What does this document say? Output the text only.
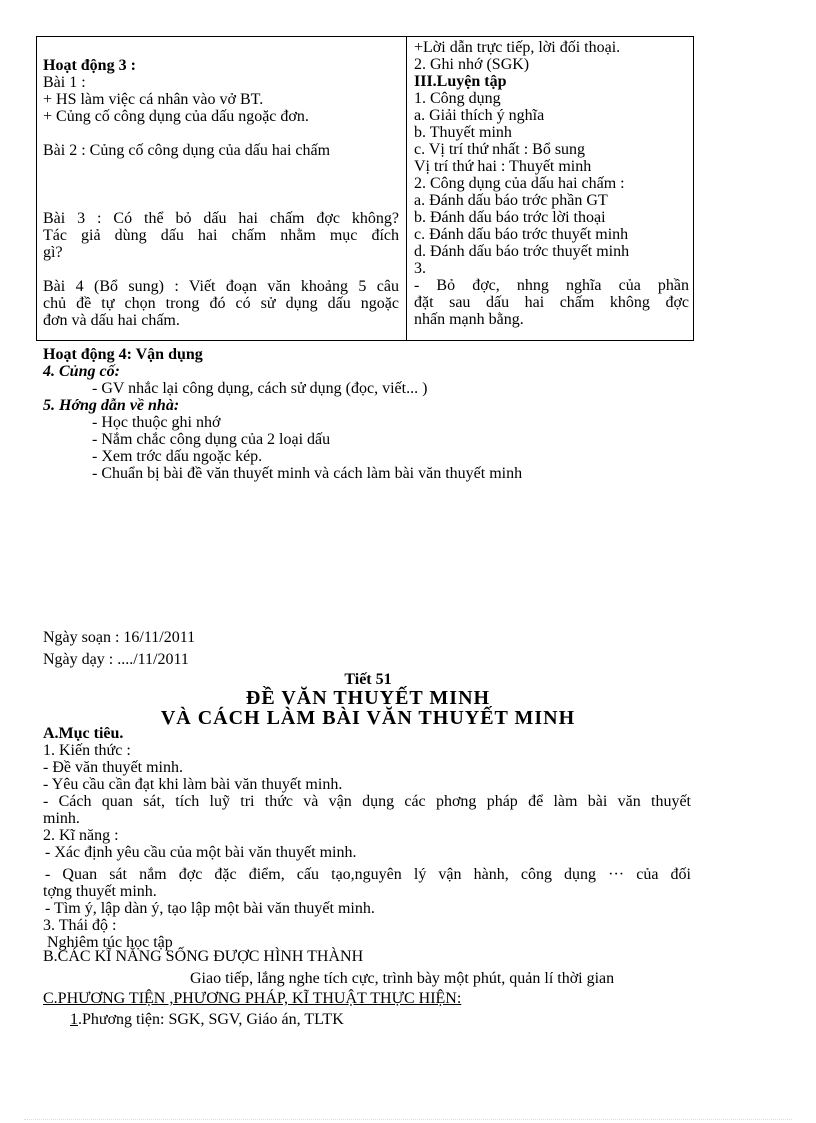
Hoạt động 3 :
Bài 1 :
+ HS làm việc cá nhân vào vở BT.
+ Củng cố công dụng của dấu ngoặc đơn.
Bài 2 : Củng cố công dụng của dấu hai chấm
Bài 3 : Có thể bỏ dấu hai chấm đợc không?
Tác giả dùng dấu hai chấm nhằm mục đích
gì?
Bài 4 (Bổ sung) : Viết đoạn văn khoảng 5 câu
chủ đề tự chọn trong đó có sử dụng dấu ngoặc
đơn và dấu hai chấm.
+Lời dẫn trực tiếp, lời đối thoại.
2. Ghi nhớ (SGK)
III.Luyện tập
1. Công dụng
a. Giải thích ý nghĩa
b. Thuyết minh
c. Vị trí thứ nhất : Bổ sung
Vị trí thứ hai : Thuyết minh
2. Công dụng của dấu hai chấm :
a. Đánh dấu báo trớc phần GT
b. Đánh dấu báo trớc lời thoại
c. Đánh dấu báo trớc thuyết minh
d. Đánh dấu báo trớc thuyết minh
3.
- Bỏ đợc, nhng nghĩa của phần
đặt sau dấu hai chấm không đợc
nhấn mạnh bằng.
Hoạt động 4: Vận dụng
4. Củng cố:
- GV nhắc lại công dụng, cách sử dụng (đọc, viết... )
5. Hớng dẫn về nhà:
- Học thuộc ghi nhớ
- Nắm chắc công dụng của 2 loại dấu
- Xem trớc dấu ngoặc kép.
- Chuẩn bị bài đề văn thuyết minh và cách làm bài văn thuyết minh
Ngày soạn : 16/11/2011
Ngày dạy : ..../11/2011
Tiết 51
ĐỀ VĂN THUYẾT MINH
VÀ CÁCH LÀM BÀI VĂN THUYẾT MINH
A.Mục tiêu.
1. Kiến thức :
- Đề văn thuyết minh.
- Yêu cầu cần đạt khi làm bài văn thuyết minh.
- Cách quan sát, tích luỹ tri thức và vận dụng các phơng pháp để làm bài văn thuyết
minh.
2. Kĩ năng :
- Xác định yêu cầu của một bài văn thuyết minh.
- Quan sát nắm đợc đặc điểm, cấu tạo,nguyên lý vận hành, công dụng ··· của đối
tợng thuyết minh.
- Tìm ý, lập dàn ý, tạo lập một bài văn thuyết minh.
3. Thái độ :
Nghiêm túc học tập
B.CÁC KĨ NĂNG SỐNG ĐƯỢC HÌNH THÀNH
Giao tiếp, lắng nghe tích cực, trình bày một phút, quản lí thời gian
C.PHƯƠNG TIỆN ,PHƯƠNG PHÁP, KĨ THUẬT THỰC HIỆN:
1.Phương tiện: SGK, SGV, Giáo án, TLTK
